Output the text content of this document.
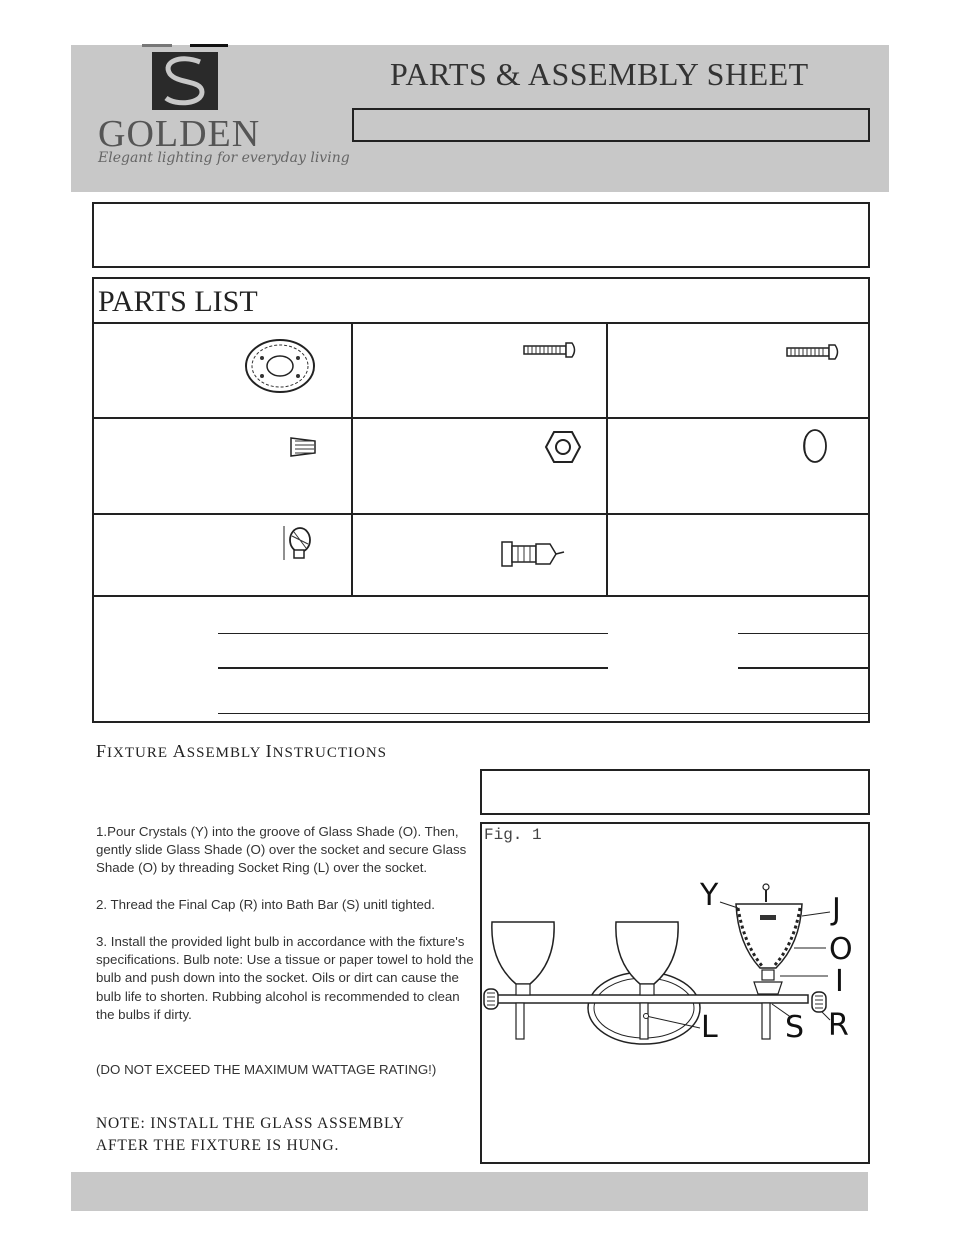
GOLDEN
Elegant lighting for everyday living
PARTS & ASSEMBLY SHEET
PARTS LIST
FIXTURE ASSEMBLY INSTRUCTIONS
1.Pour Crystals (Y) into the groove of Glass Shade (O). Then, gently slide Glass Shade (O) over the socket and secure Glass Shade (O) by threading Socket Ring (L) over the socket.
2. Thread the Final Cap (R) into Bath Bar (S) unitl tighted.
3. Install the provided light bulb in accordance with the fixture's specifications. Bulb note: Use a tissue or paper towel to hold the bulb and push down into the socket. Oils or dirt can cause the bulb life to shorten. Rubbing alcohol is recommended to clean the bulbs if dirty.
(DO NOT EXCEED THE MAXIMUM WATTAGE RATING!)
NOTE: INSTALL THE GLASS ASSEMBLY
AFTER THE FIXTURE IS HUNG.
Fig. 1
Y	J
O
I
L S R
